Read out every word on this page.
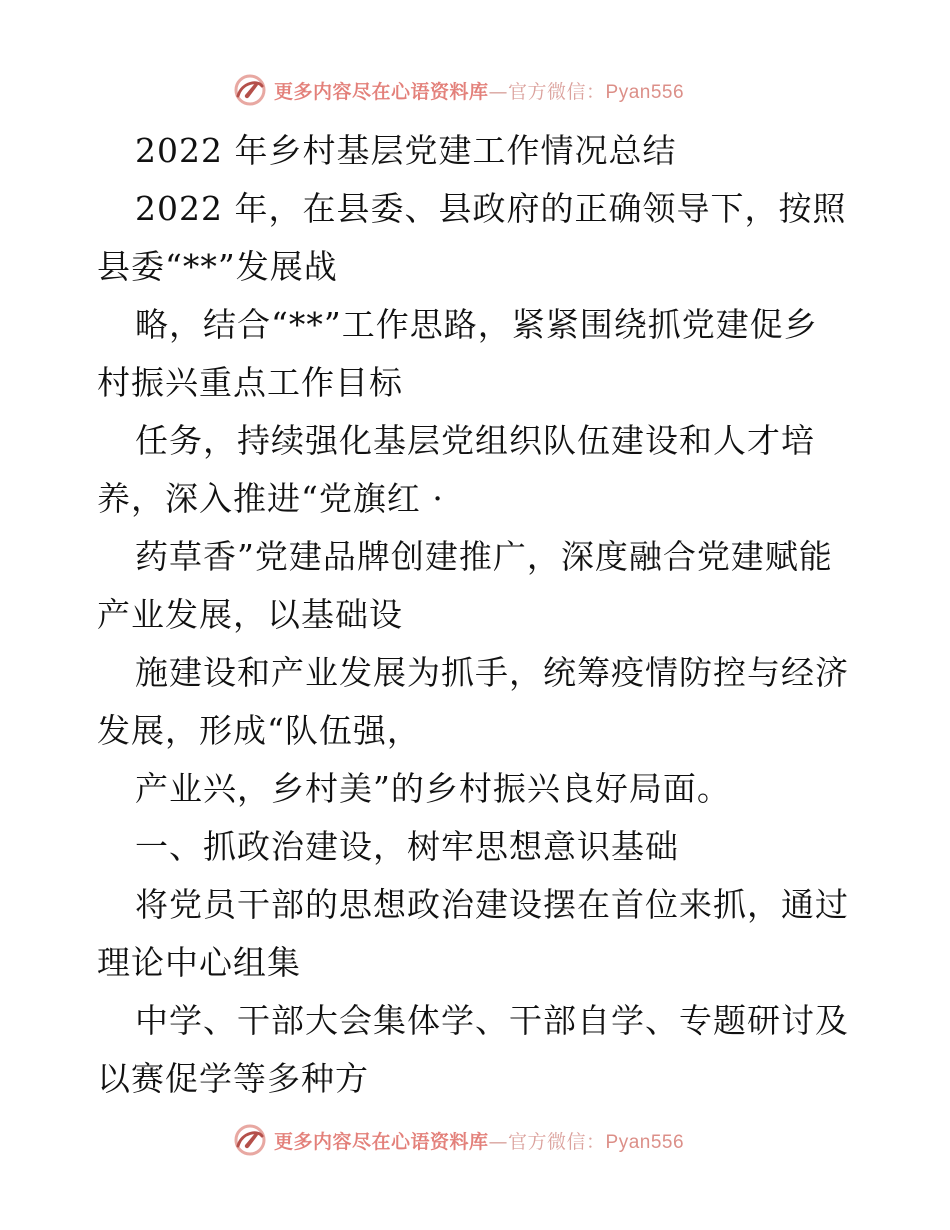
更多内容尽在心语资料库—官方微信：Pyan556

2022 年乡村基层党建工作情况总结

2022 年，在县委、县政府的正确领导下，按照
县委“**”发展战

略，结合“**”工作思路，紧紧围绕抓党建促乡
村振兴重点工作目标

任务，持续强化基层党组织队伍建设和人才培
养，深入推进“党旗红 ·

药草香”党建品牌创建推广，深度融合党建赋能
产业发展，以基础设

施建设和产业发展为抓手，统筹疫情防控与经济
发展，形成“队伍强，

产业兴，乡村美”的乡村振兴良好局面。

一、抓政治建设，树牢思想意识基础

将党员干部的思想政治建设摆在首位来抓，通过
理论中心组集

中学、干部大会集体学、干部自学、专题研讨及
以赛促学等多种方

更多内容尽在心语资料库—官方微信：Pyan556
